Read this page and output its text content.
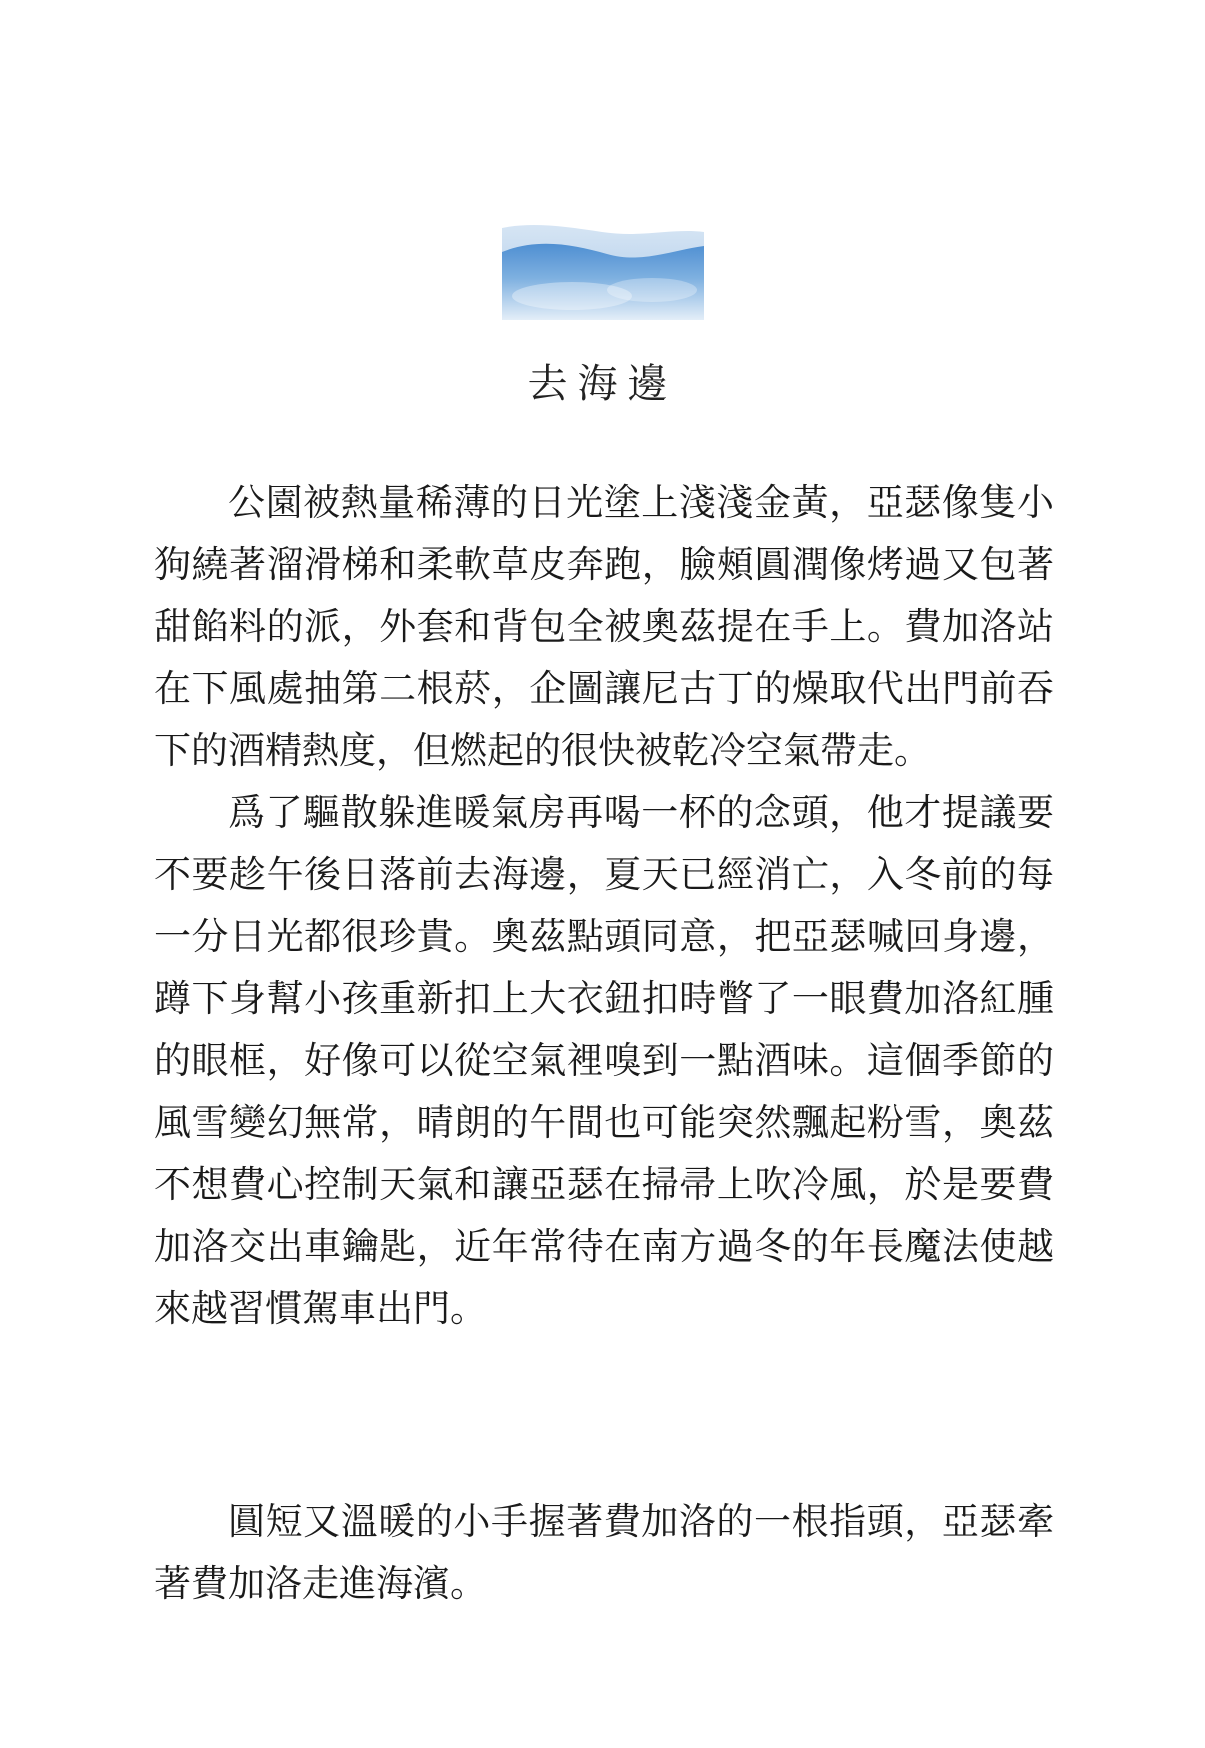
去海邊

公園被熱量稀薄的日光塗上淺淺金黃，亞瑟像隻小狗繞著溜滑梯和柔軟草皮奔跑，臉頰圓潤像烤過又包著甜餡料的派，外套和背包全被奧茲提在手上。費加洛站在下風處抽第二根菸，企圖讓尼古丁的燥取代出門前吞下的酒精熱度，但燃起的很快被乾冷空氣帶走。

爲了驅散躲進暖氣房再喝一杯的念頭，他才提議要不要趁午後日落前去海邊，夏天已經消亡，入冬前的每一分日光都很珍貴。奧茲點頭同意，把亞瑟喊回身邊，蹲下身幫小孩重新扣上大衣鈕扣時瞥了一眼費加洛紅腫的眼框，好像可以從空氣裡嗅到一點酒味。這個季節的風雪變幻無常，晴朗的午間也可能突然飄起粉雪，奧茲不想費心控制天氣和讓亞瑟在掃帚上吹冷風，於是要費加洛交出車鑰匙，近年常待在南方過冬的年長魔法使越來越習慣駕車出門。

圓短又溫暖的小手握著費加洛的一根指頭，亞瑟牽著費加洛走進海濱。
